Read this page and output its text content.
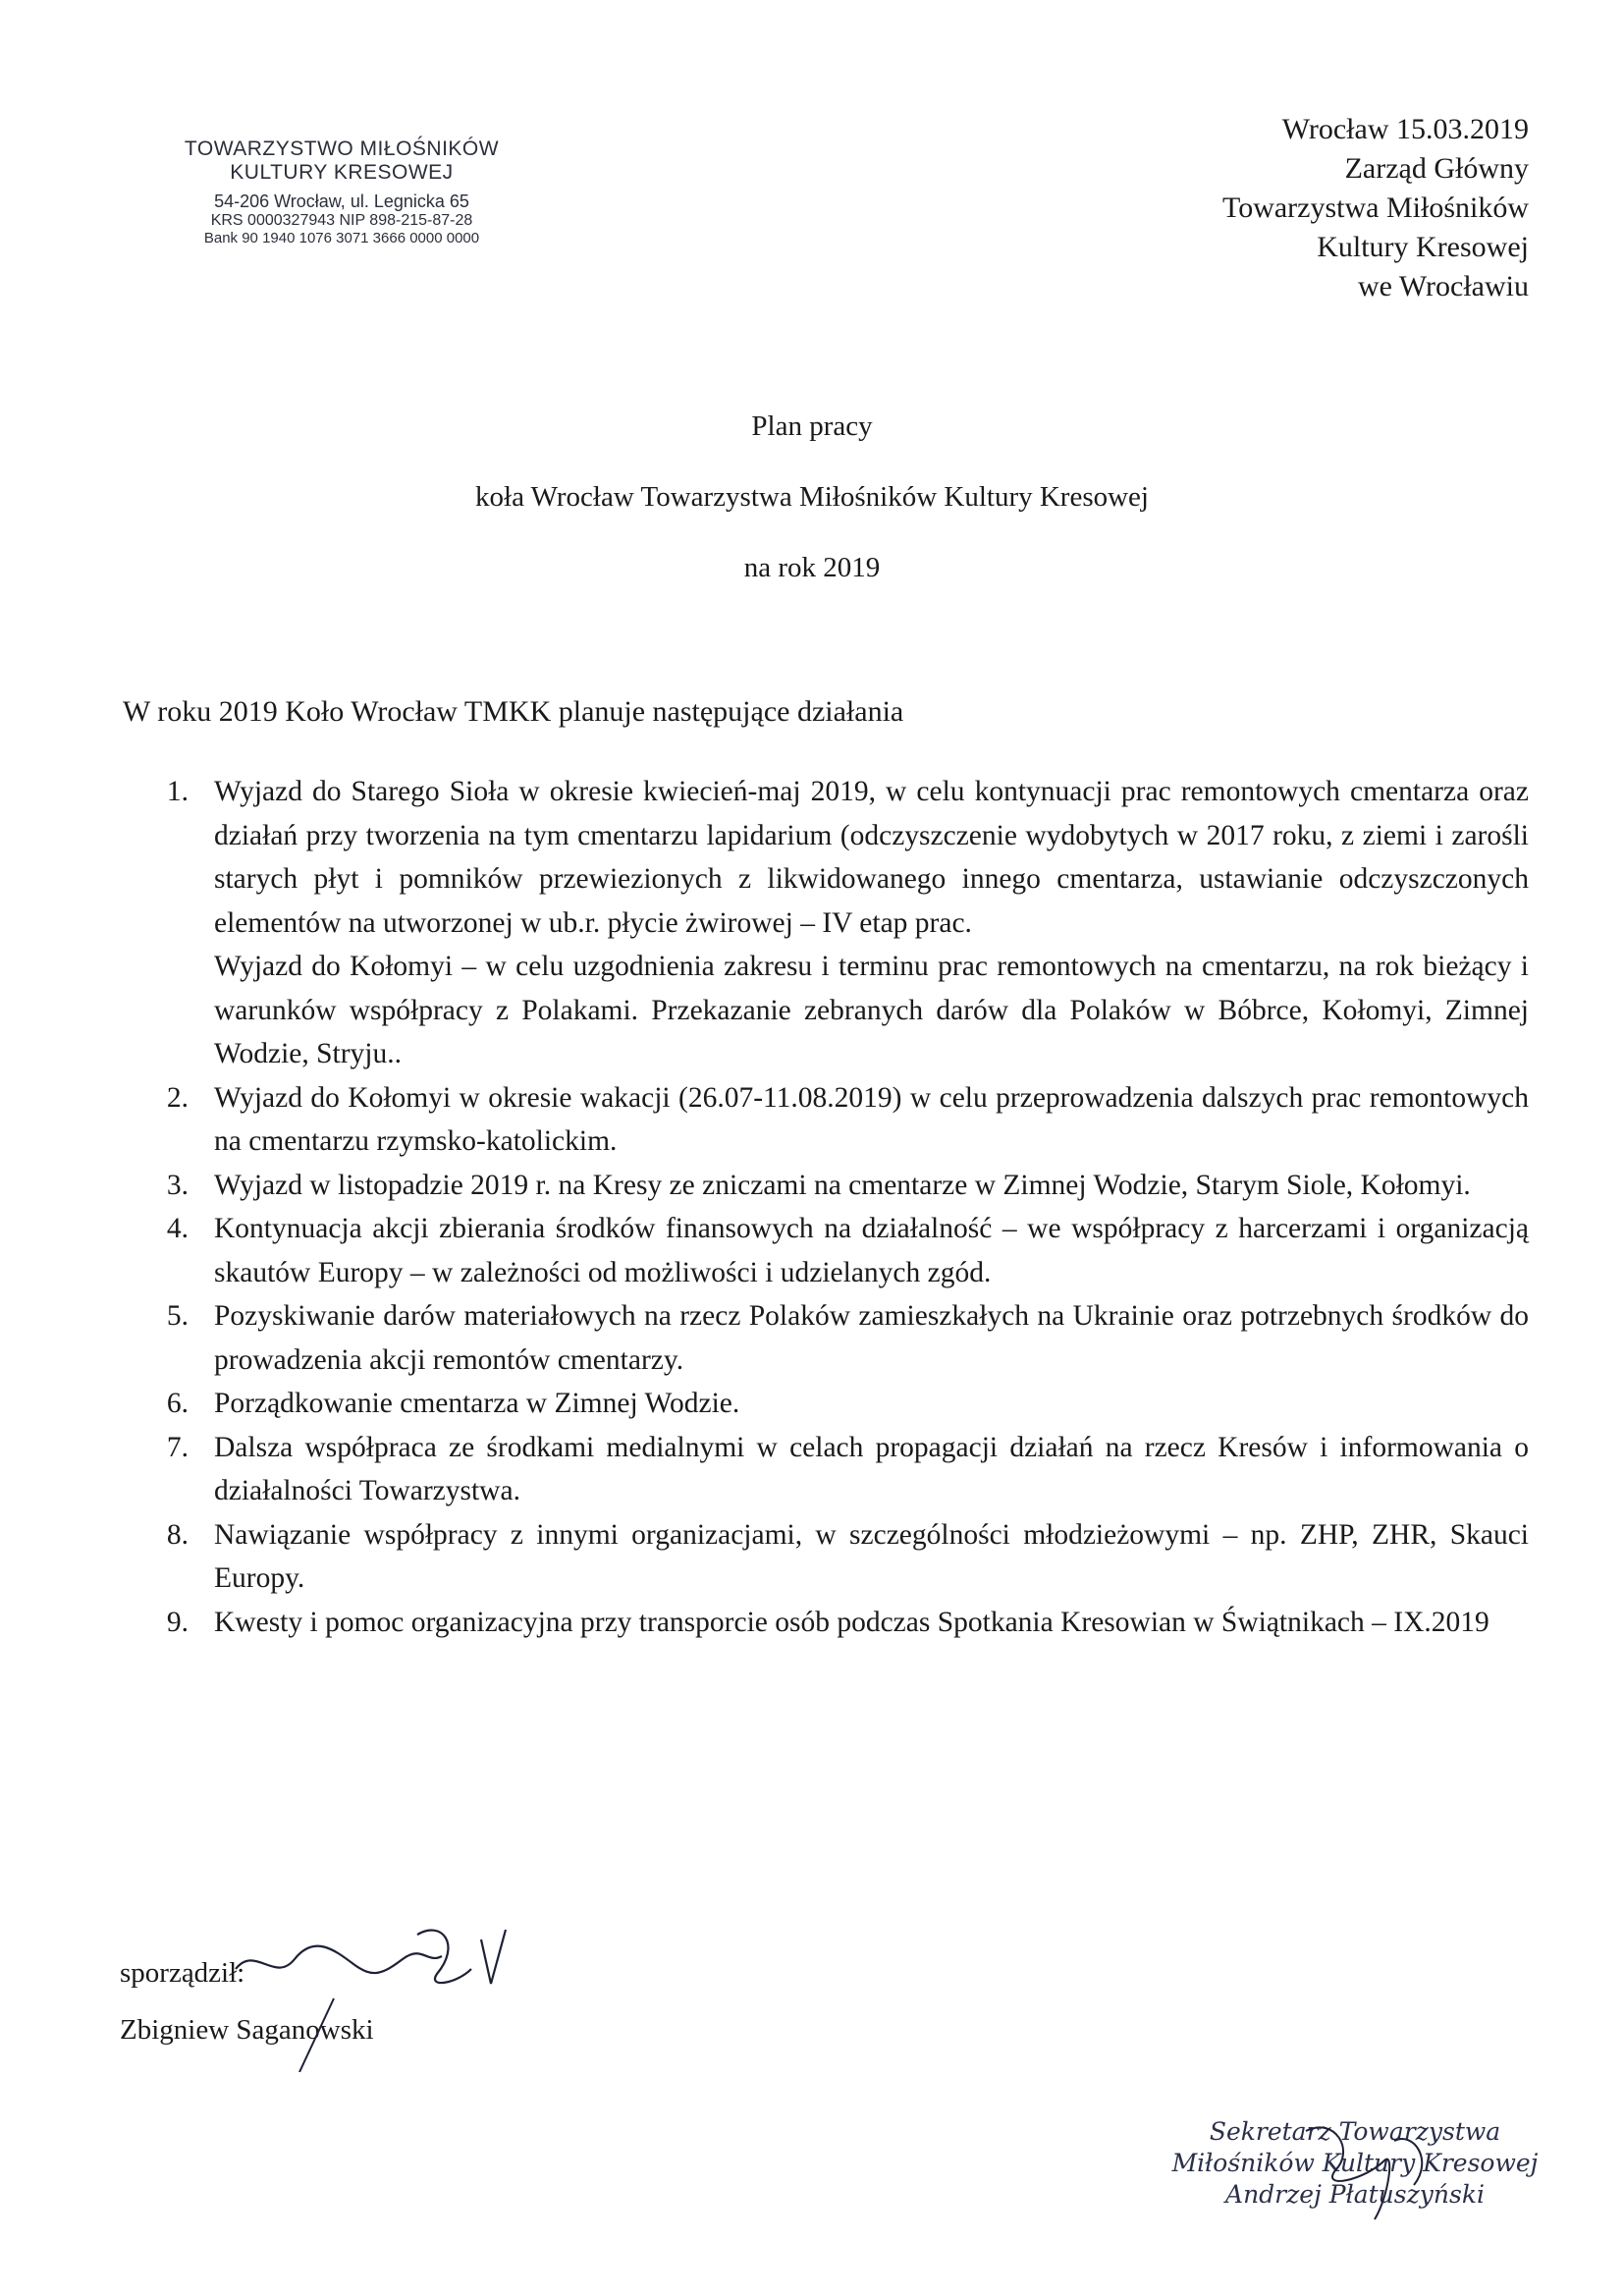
TOWARZYSTWO MIŁOŚNIKÓW
KULTURY KRESOWEJ
54-206 Wrocław, ul. Legnicka 65
KRS 0000327943 NIP 898-215-87-28
Bank 90 1940 1076 3071 3666 0000 0000
Wrocław 15.03.2019
Zarząd Główny
Towarzystwa Miłośników
Kultury Kresowej
we Wrocławiu
Plan pracy
koła Wrocław Towarzystwa Miłośników Kultury Kresowej
na rok 2019
W roku 2019 Koło Wrocław TMKK planuje następujące działania
1. Wyjazd do Starego Sioła w okresie kwiecień-maj 2019, w celu kontynuacji prac remontowych cmentarza oraz działań przy tworzenia na tym cmentarzu lapidarium (odczyszczenie wydobytych w 2017 roku, z ziemi i zarośli starych płyt i pomników przewiezionych z likwidowanego innego cmentarza, ustawianie odczyszczonych elementów na utworzonej w ub.r. płycie żwirowej – IV etap prac.

Wyjazd do Kołomyi – w celu uzgodnienia zakresu i terminu prac remontowych na cmentarzu, na rok bieżący i warunków współpracy z Polakami. Przekazanie zebranych darów dla Polaków w Bóbrce, Kołomyi, Zimnej Wodzie, Stryju..

2. Wyjazd do Kołomyi w okresie wakacji (26.07-11.08.2019) w celu przeprowadzenia dalszych prac remontowych na cmentarzu rzymsko-katolickim.

3. Wyjazd w listopadzie 2019 r. na Kresy ze zniczami na cmentarze w Zimnej Wodzie, Starym Siole, Kołomyi.

4. Kontynuacja akcji zbierania środków finansowych na działalność – we współpracy z harcerzami i organizacją skautów Europy – w zależności od możliwości i udzielanych zgód.

5. Pozyskiwanie darów materiałowych na rzecz Polaków zamieszkałych na Ukrainie oraz potrzebnych środków do prowadzenia akcji remontów cmentarzy.

6. Porządkowanie cmentarza w Zimnej Wodzie.

7. Dalsza współpraca ze środkami medialnymi w celach propagacji działań na rzecz Kresów i informowania o działalności Towarzystwa.

8. Nawiązanie współpracy z innymi organizacjami, w szczególności młodzieżowymi – np. ZHP, ZHR, Skauci Europy.

9. Kwesty i pomoc organizacyjna przy transporcie osób podczas Spotkania Kresowian w Świątnikach – IX.2019

sporządził:
Zbigniew Saganowski
Sekretarz Towarzystwa
Miłośników Kultury Kresowej
Andrzej Płatuszyński
